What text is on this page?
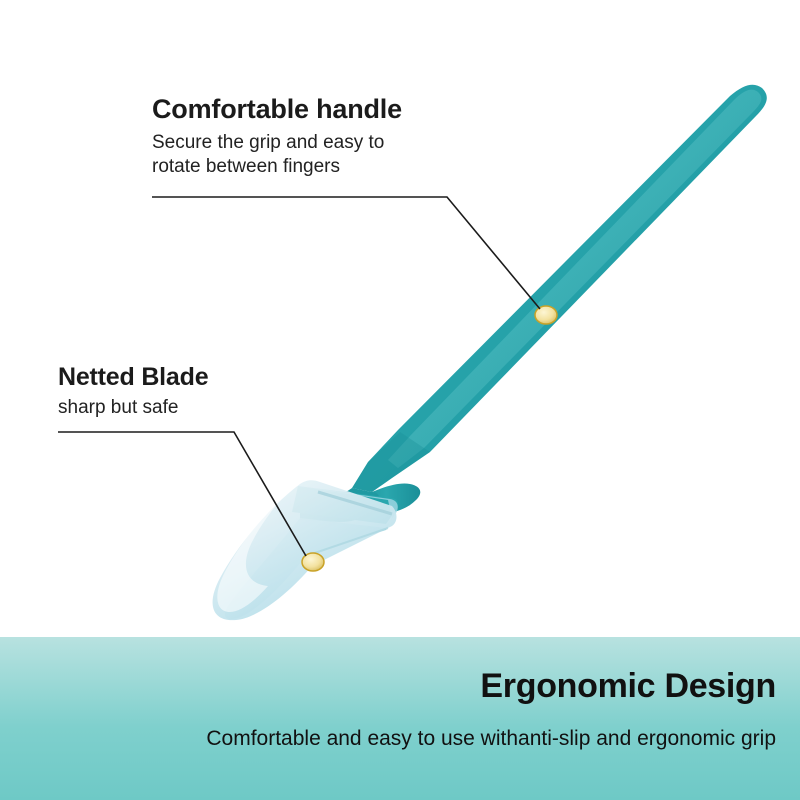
Comfortable handle

Secure the grip and easy to

rotate between fingers

Netted Blade

sharp but safe

Ergonomic Design
Comfortable and easy to use withanti-slip and ergonomic grip
